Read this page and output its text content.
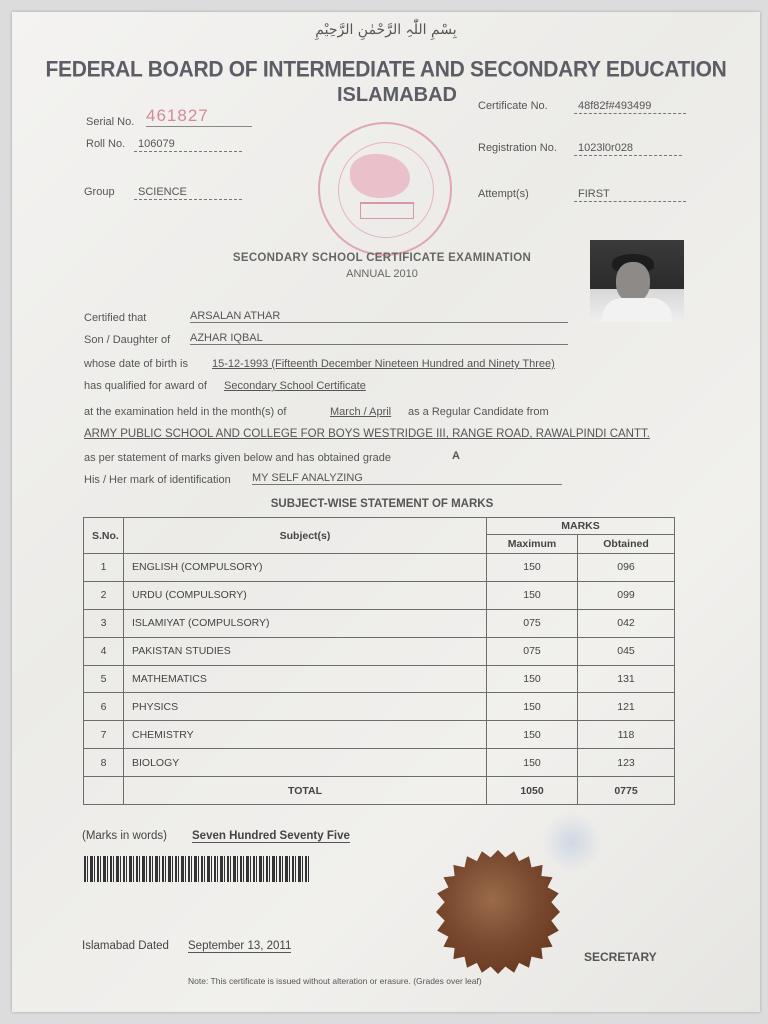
بِسْمِ اللّٰہِ الرَّحْمٰنِ الرَّحِیْمِ
FEDERAL BOARD OF INTERMEDIATE AND SECONDARY EDUCATION
ISLAMABAD
Serial No. 461827
Roll No.	106079
Group	SCIENCE
Certificate No.	48f82f#493499
Registration No.	1023l0r028
Attempt(s)	FIRST
SECONDARY SCHOOL CERTIFICATE EXAMINATION
ANNUAL 2010
Certified that	ARSALAN ATHAR
Son / Daughter of AZHAR IQBAL
whose date of birth is 15-12-1993 (Fifteenth December Nineteen Hundred and Ninety Three)
has qualified for award of Secondary School Certificate
at the examination held in the month(s) of	March / April as a Regular Candidate from
ARMY PUBLIC SCHOOL AND COLLEGE FOR BOYS WESTRIDGE III, RANGE ROAD, RAWALPINDI CANTT.
as per statement of marks given below and has obtained grade	A
His / Her mark of identification MY SELF ANALYZING
SUBJECT-WISE STATEMENT OF MARKS
S.No.	Subject(s)	MARKS	
		Maximum	Obtained
1	ENGLISH (COMPULSORY)	150	096
2	URDU (COMPULSORY)	150	099
3	ISLAMIYAT (COMPULSORY)	075	042
4	PAKISTAN STUDIES	075	045
5	MATHEMATICS	150	131
6	PHYSICS	150	121
7	CHEMISTRY	150	118
8	BIOLOGY	150	123
	TOTAL	1050	0775
(Marks in words) Seven Hundred Seventy Five
Islamabad Dated September 13, 2011
SECRETARY
Note: This certificate is issued without alteration or erasure. (Grades over leaf)
